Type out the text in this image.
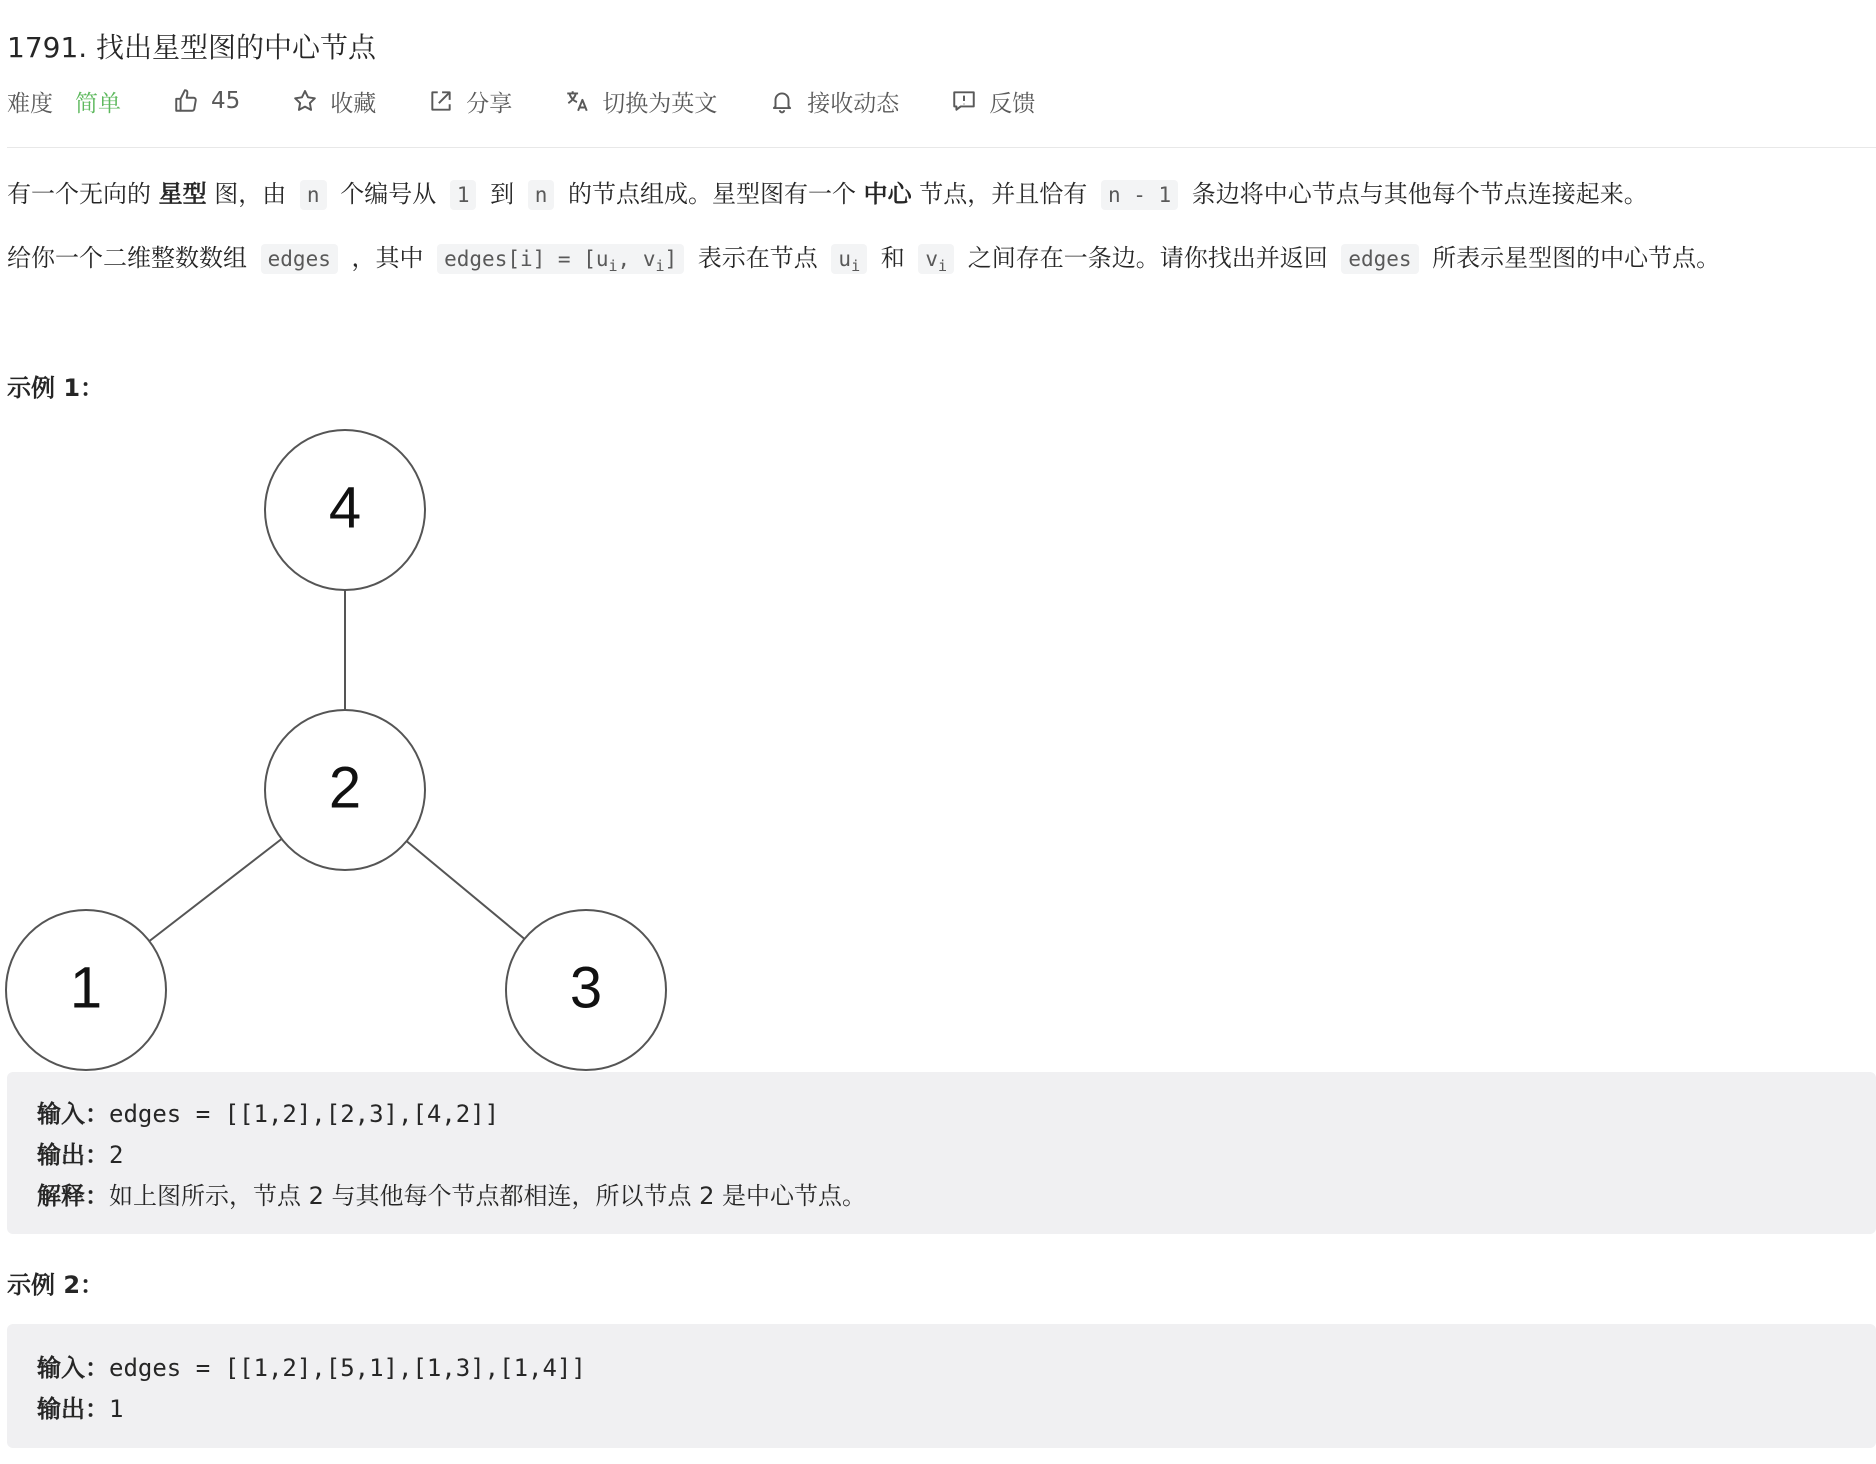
1791. 找出星型图的中心节点
难度 简单	45	收藏	分享	切换为英文	接收动态	反馈
有一个无向的 星型 图，由 n 个编号从 1 到 n 的节点组成。星型图有一个 中心 节点，并且恰有 n - 1 条边将中心节点与其他每个节点连接起来。
给你一个二维整数数组 edges ，其中 edges[i] = [$u_i$, $v_i$] 表示在节点 $u_i$ 和 $v_i$ 之间存在一条边。请你找出并返回 edges 所表示星型图的中心节点。
示例 1：
4
2
1	3
输入：edges = [[1,2],[2,3],[4,2]]
输出：2
解释：如上图所示，节点 2 与其他每个节点都相连，所以节点 2 是中心节点。
示例 2：
输入：edges = [[1,2],[5,1],[1,3],[1,4]]
输出：1
